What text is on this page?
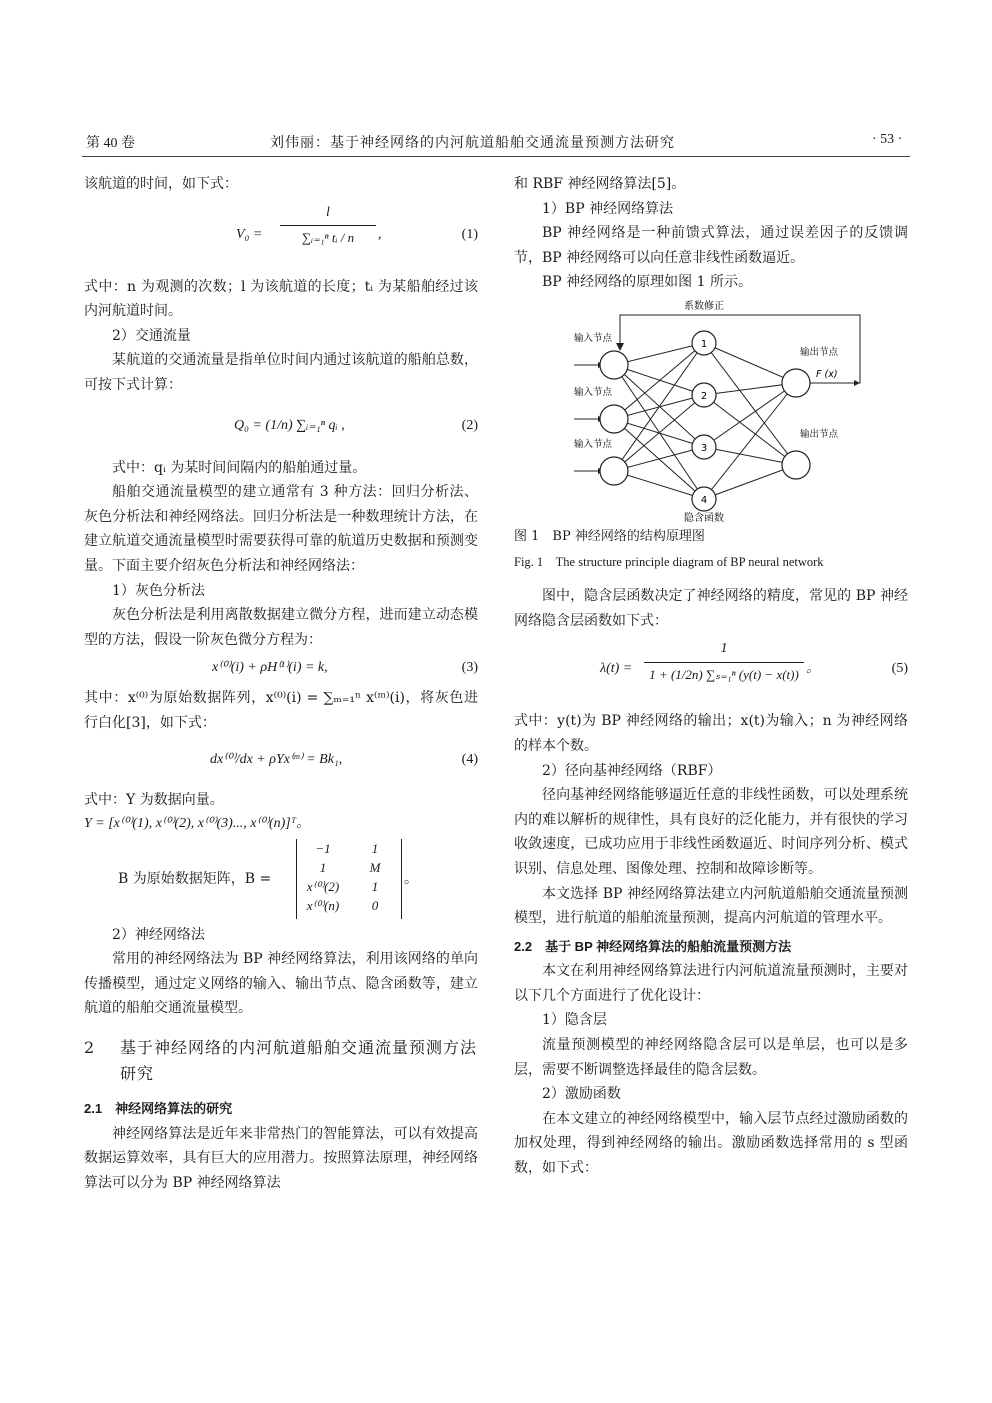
第 40 卷	刘伟丽：基于神经网络的内河航道船舶交通流量预测方法研究	· 53 ·

该航道的时间，如下式：

$V_0 = \frac{l}{\text{∑ᵢ₌₁ⁿ tᵢ / n}}$ ,	(1)

式中：n 为观测的次数；l 为该航道的长度；tᵢ 为某船舶经过该内河航道时间。

2）交通流量

某航道的交通流量是指单位时间内通过该航道的船舶总数，可按下式计算：

Q₀ = (1/n) ∑ᵢ₌₁ⁿ qᵢ ,	(2)

式中：qᵢ 为某时间间隔内的船舶通过量。

船舶交通流量模型的建立通常有 3 种方法：回归分析法、灰色分析法和神经网络法。回归分析法是一种数理统计方法，在建立航道交通流量模型时需要获得可靠的航道历史数据和预测变量。下面主要介绍灰色分析法和神经网络法：

1）灰色分析法

灰色分析法是利用离散数据建立微分方程，进而建立动态模型的方法，假设一阶灰色微分方程为：

x⁽⁰⁾(i) + ρH⁽¹⁾(i) = k,	(3)

其中：x⁽⁰⁾为原始数据阵列，x⁽⁰⁾(i) = ∑ₘ₌₁ⁿ x⁽ᵐ⁾(i)，将灰色进行白化[3]，如下式：

dx⁽⁰⁾/dx + ρYx⁽ᵐ⁾ = Bk₁,	(4)

式中：Y 为数据向量。

Y = [x⁽⁰⁾(1), x⁽⁰⁾(2), x⁽⁰⁾(3)..., x⁽⁰⁾(n)]ᵀ。

B 为原始数据矩阵，B =
−1	1
1	M
x⁽⁰⁾(2)	1
x⁽⁰⁾(n)	0
。

2）神经网络法

常用的神经网络法为 BP 神经网络算法，利用该网络的单向传播模型，通过定义网络的输入、输出节点、隐含函数等，建立航道的船舶交通流量模型。

2 基于神经网络的内河航道船舶交通流量预测方法研究

2.1　神经网络算法的研究

神经网络算法是近年来非常热门的智能算法，可以有效提高数据运算效率，具有巨大的应用潜力。按照算法原理，神经网络算法可以分为 BP 神经网络算法

和 RBF 神经网络算法[5]。

1）BP 神经网络算法

BP 神经网络是一种前馈式算法，通过误差因子的反馈调节，BP 神经网络可以向任意非线性函数逼近。

BP 神经网络的原理如图 1 所示。

系数修正
输入节点
输入节点
输入节点
1
2
3
4
输出节点
输出节点
F (x)
隐含函数

图 1　BP 神经网络的结构原理图

Fig. 1　The structure principle diagram of BP neural network

图中，隐含层函数决定了神经网络的精度，常见的 BP 神经网络隐含层函数如下式：

$\lambda(t) = \frac{1}{\text{1 + (1/2n) ∑ₛ₌₁ⁿ (y(t) − x(t))}}$ 。	(5)

式中：y(t)为 BP 神经网络的输出；x(t)为输入；n 为神经网络的样本个数。

2）径向基神经网络（RBF）

径向基神经网络能够逼近任意的非线性函数，可以处理系统内的难以解析的规律性，具有良好的泛化能力，并有很快的学习收敛速度，已成功应用于非线性函数逼近、时间序列分析、模式识别、信息处理、图像处理、控制和故障诊断等。

本文选择 BP 神经网络算法建立内河航道船舶交通流量预测模型，进行航道的船舶流量预测，提高内河航道的管理水平。

2.2　基于 BP 神经网络算法的船舶流量预测方法

本文在利用神经网络算法进行内河航道流量预测时，主要对以下几个方面进行了优化设计：

1）隐含层

流量预测模型的神经网络隐含层可以是单层，也可以是多层，需要不断调整选择最佳的隐含层数。

2）激励函数

在本文建立的神经网络模型中，输入层节点经过激励函数的加权处理，得到神经网络的输出。激励函数选择常用的 s 型函数，如下式：
